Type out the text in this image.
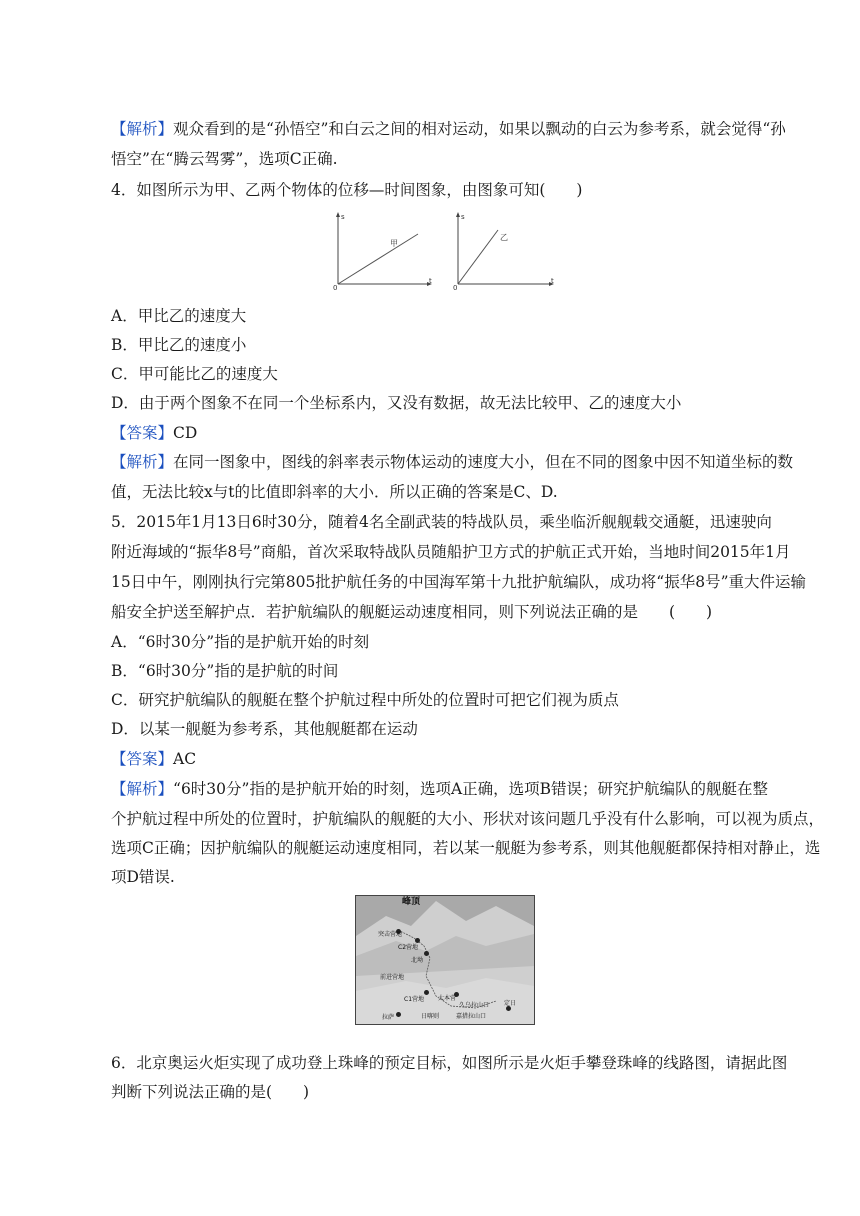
【解析】观众看到的是“孙悟空”和白云之间的相对运动，如果以飘动的白云为参考系，就会觉得“孙
悟空”在“腾云驾雾”，选项C正确.
4．如图所示为甲、乙两个物体的位移—时间图象，由图象可知(　　)
s
t
0
甲
s
t
0
乙
A．甲比乙的速度大
B．甲比乙的速度小
C．甲可能比乙的速度大
D．由于两个图象不在同一个坐标系内，又没有数据，故无法比较甲、乙的速度大小
【答案】CD
【解析】在同一图象中，图线的斜率表示物体运动的速度大小，但在不同的图象中因不知道坐标的数
值，无法比较x与t的比值即斜率的大小．所以正确的答案是C、D.
5．2015年1月13日6时30分，随着4名全副武装的特战队员，乘坐临沂舰舰载交通艇，迅速驶向
附近海域的“振华8号”商船，首次采取特战队员随船护卫方式的护航正式开始，当地时间2015年1月
15日中午，刚刚执行完第805批护航任务的中国海军第十九批护航编队，成功将“振华8号”重大件运输
船安全护送至解护点．若护航编队的舰艇运动速度相同，则下列说法正确的是　　(　　)
A．“6时30分”指的是护航开始的时刻
B．“6时30分”指的是护航的时间
C．研究护航编队的舰艇在整个护航过程中所处的位置时可把它们视为质点
D．以某一舰艇为参考系，其他舰艇都在运动
【答案】AC
【解析】“6时30分”指的是护航开始的时刻，选项A正确，选项B错误；研究护航编队的舰艇在整
个护航过程中所处的位置时，护航编队的舰艇的大小、形状对该问题几乎没有什么影响，可以视为质点，
选项C正确；因护航编队的舰艇运动速度相同，若以某一舰艇为参考系，则其他舰艇都保持相对静止，选
项D错误.
峰顶
突击营地
C2营地
北坳
前进营地
C1营地 大本营
久乌拉山口
拉萨	日喀则	嘉措拉山口
定日
6．北京奥运火炬实现了成功登上珠峰的预定目标，如图所示是火炬手攀登珠峰的线路图，请据此图
判断下列说法正确的是(　　)
